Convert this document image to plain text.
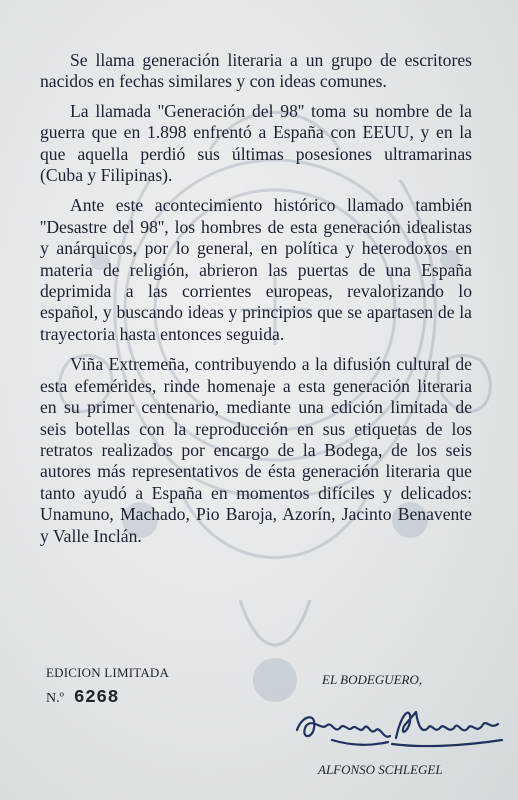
Se llama generación literaria a un grupo de escritores nacidos en fechas similares y con ideas comunes.

La llamada ''Generación del 98'' toma su nombre de la guerra que en 1.898 enfrentó a España con EEUU, y en la que aquella perdió sus últimas posesiones ultramarinas (Cuba y Filipinas).

Ante este acontecimiento histórico llamado también ''Desastre del 98'', los hombres de esta generación idealistas y anárquicos, por lo general, en política y heterodoxos en materia de religión, abrieron las puertas de una España deprimida a las corrientes europeas, revalorizando lo español, y buscando ideas y principios que se apartasen de la trayectoria hasta entonces seguida.

Viña Extremeña, contribuyendo a la difusión cultural de esta efemérides, rinde homenaje a esta generación literaria en su primer centenario, mediante una edición limitada de seis botellas con la reproducción en sus etiquetas de los retratos realizados por encargo de la Bodega, de los seis autores más representativos de ésta generación literaria que tanto ayudó a España en momentos difíciles y delicados: Unamuno, Machado, Pio Baroja, Azorín, Jacinto Benavente y Valle Inclán.

EDICION LIMITADA
N.º 6268
EL BODEGUERO,
ALFONSO SCHLEGEL
